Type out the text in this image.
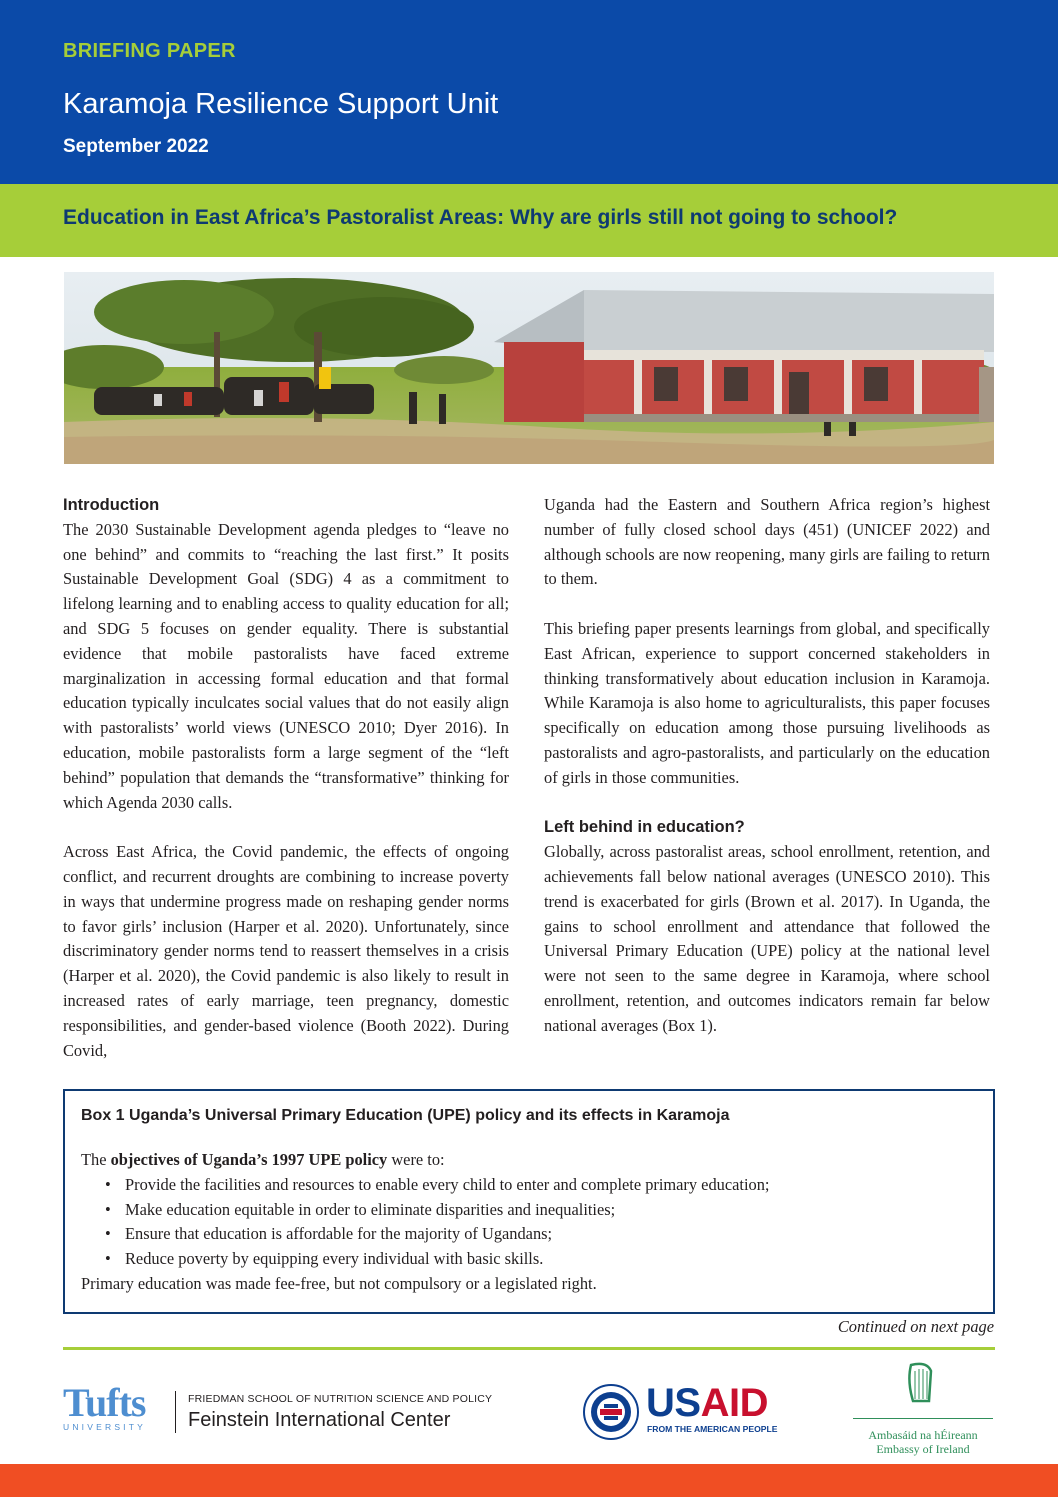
BRIEFING PAPER
Karamoja Resilience Support Unit
September 2022
Education in East Africa’s Pastoralist Areas: Why are girls still not going to school?
Introduction

The 2030 Sustainable Development agenda pledges to “leave no one behind” and commits to “reaching the last first.” It posits Sustainable Development Goal (SDG) 4 as a commitment to lifelong learning and to enabling access to quality education for all; and SDG 5 focuses on gender equality. There is substantial evidence that mobile pastoralists have faced extreme marginalization in accessing formal education and that formal education typically inculcates social values that do not easily align with pastoralists’ world views (UNESCO 2010; Dyer 2016). In education, mobile pastoralists form a large segment of the “left behind” population that demands the “transformative” thinking for which Agenda 2030 calls.

Across East Africa, the Covid pandemic, the effects of ongoing conflict, and recurrent droughts are combining to increase poverty in ways that undermine progress made on reshaping gender norms to favor girls’ inclusion (Harper et al. 2020). Unfortunately, since discriminatory gender norms tend to reassert themselves in a crisis (Harper et al. 2020), the Covid pandemic is also likely to result in increased rates of early marriage, teen pregnancy, domestic responsibilities, and gender-based violence (Booth 2022). During Covid,

Uganda had the Eastern and Southern Africa region’s highest number of fully closed school days (451) (UNICEF 2022) and although schools are now reopening, many girls are failing to return to them.

This briefing paper presents learnings from global, and specifically East African, experience to support concerned stakeholders in thinking transformatively about education inclusion in Karamoja. While Karamoja is also home to agriculturalists, this paper focuses specifically on education among those pursuing livelihoods as pastoralists and agro-pastoralists, and particularly on the education of girls in those communities.

Left behind in education?

Globally, across pastoralist areas, school enrollment, retention, and achievements fall below national averages (UNESCO 2010). This trend is exacerbated for girls (Brown et al. 2017). In Uganda, the gains to school enrollment and attendance that followed the Universal Primary Education (UPE) policy at the national level were not seen to the same degree in Karamoja, where school enrollment, retention, and outcomes indicators remain far below national averages (Box 1).

Box 1 Uganda’s Universal Primary Education (UPE) policy and its effects in Karamoja
The objectives of Uganda’s 1997 UPE policy were to:
• Provide the facilities and resources to enable every child to enter and complete primary education;
• Make education equitable in order to eliminate disparities and inequalities;
• Ensure that education is affordable for the majority of Ugandans;
• Reduce poverty by equipping every individual with basic skills.
Primary education was made fee-free, but not compulsory or a legislated right.
Continued on next page
Tufts
UNIVERSITY
FRIEDMAN SCHOOL OF NUTRITION SCIENCE AND POLICY
Feinstein International Center	USAID
FROM THE AMERICAN PEOPLE	Ambasáid na hÉireann
Embassy of Ireland
